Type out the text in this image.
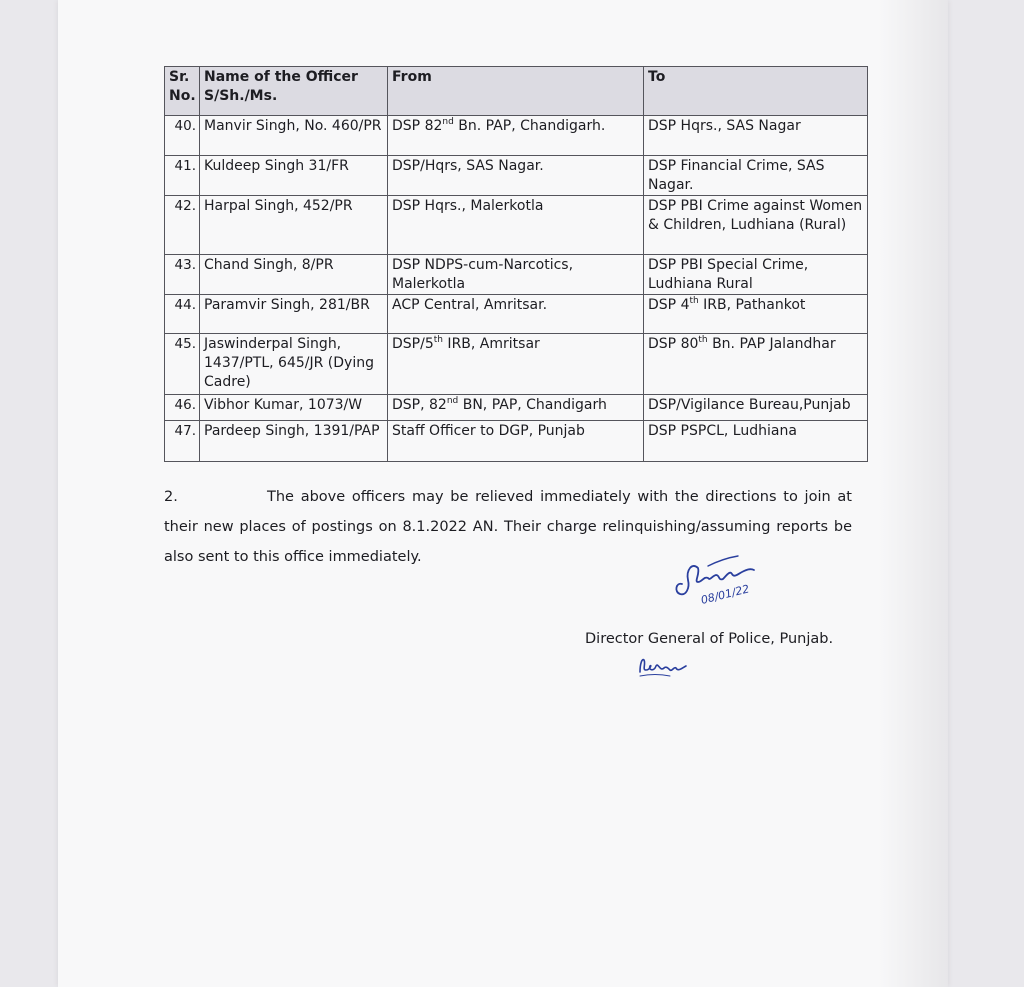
Sr. No.	Name of the Officer S/Sh./Ms.	From	To
40.	Manvir Singh, No. 460/PR	DSP 82nd Bn. PAP, Chandigarh.	DSP Hqrs., SAS Nagar
41.	Kuldeep Singh 31/FR	DSP/Hqrs, SAS Nagar.	DSP Financial Crime, SAS Nagar.
42.	Harpal Singh, 452/PR	DSP Hqrs., Malerkotla	DSP PBI Crime against Women & Children, Ludhiana (Rural)
43.	Chand Singh, 8/PR	DSP NDPS-cum-Narcotics, Malerkotla	DSP PBI Special Crime, Ludhiana Rural
44.	Paramvir Singh, 281/BR	ACP Central, Amritsar.	DSP 4th IRB, Pathankot
45.	Jaswinderpal Singh, 1437/PTL, 645/JR (Dying Cadre)	DSP/5th IRB, Amritsar	DSP 80th Bn. PAP Jalandhar
46.	Vibhor Kumar, 1073/W	DSP, 82nd BN, PAP, Chandigarh	DSP/Vigilance Bureau,Punjab
47.	Pardeep Singh, 1391/PAP	Staff Officer to DGP, Punjab	DSP PSPCL, Ludhiana
2.	The above officers may be relieved immediately with the directions to join at their new places of postings on 8.1.2022 AN. Their charge relinquishing/assuming reports be also sent to this office immediately.
08/01/22
Director General of Police, Punjab.
